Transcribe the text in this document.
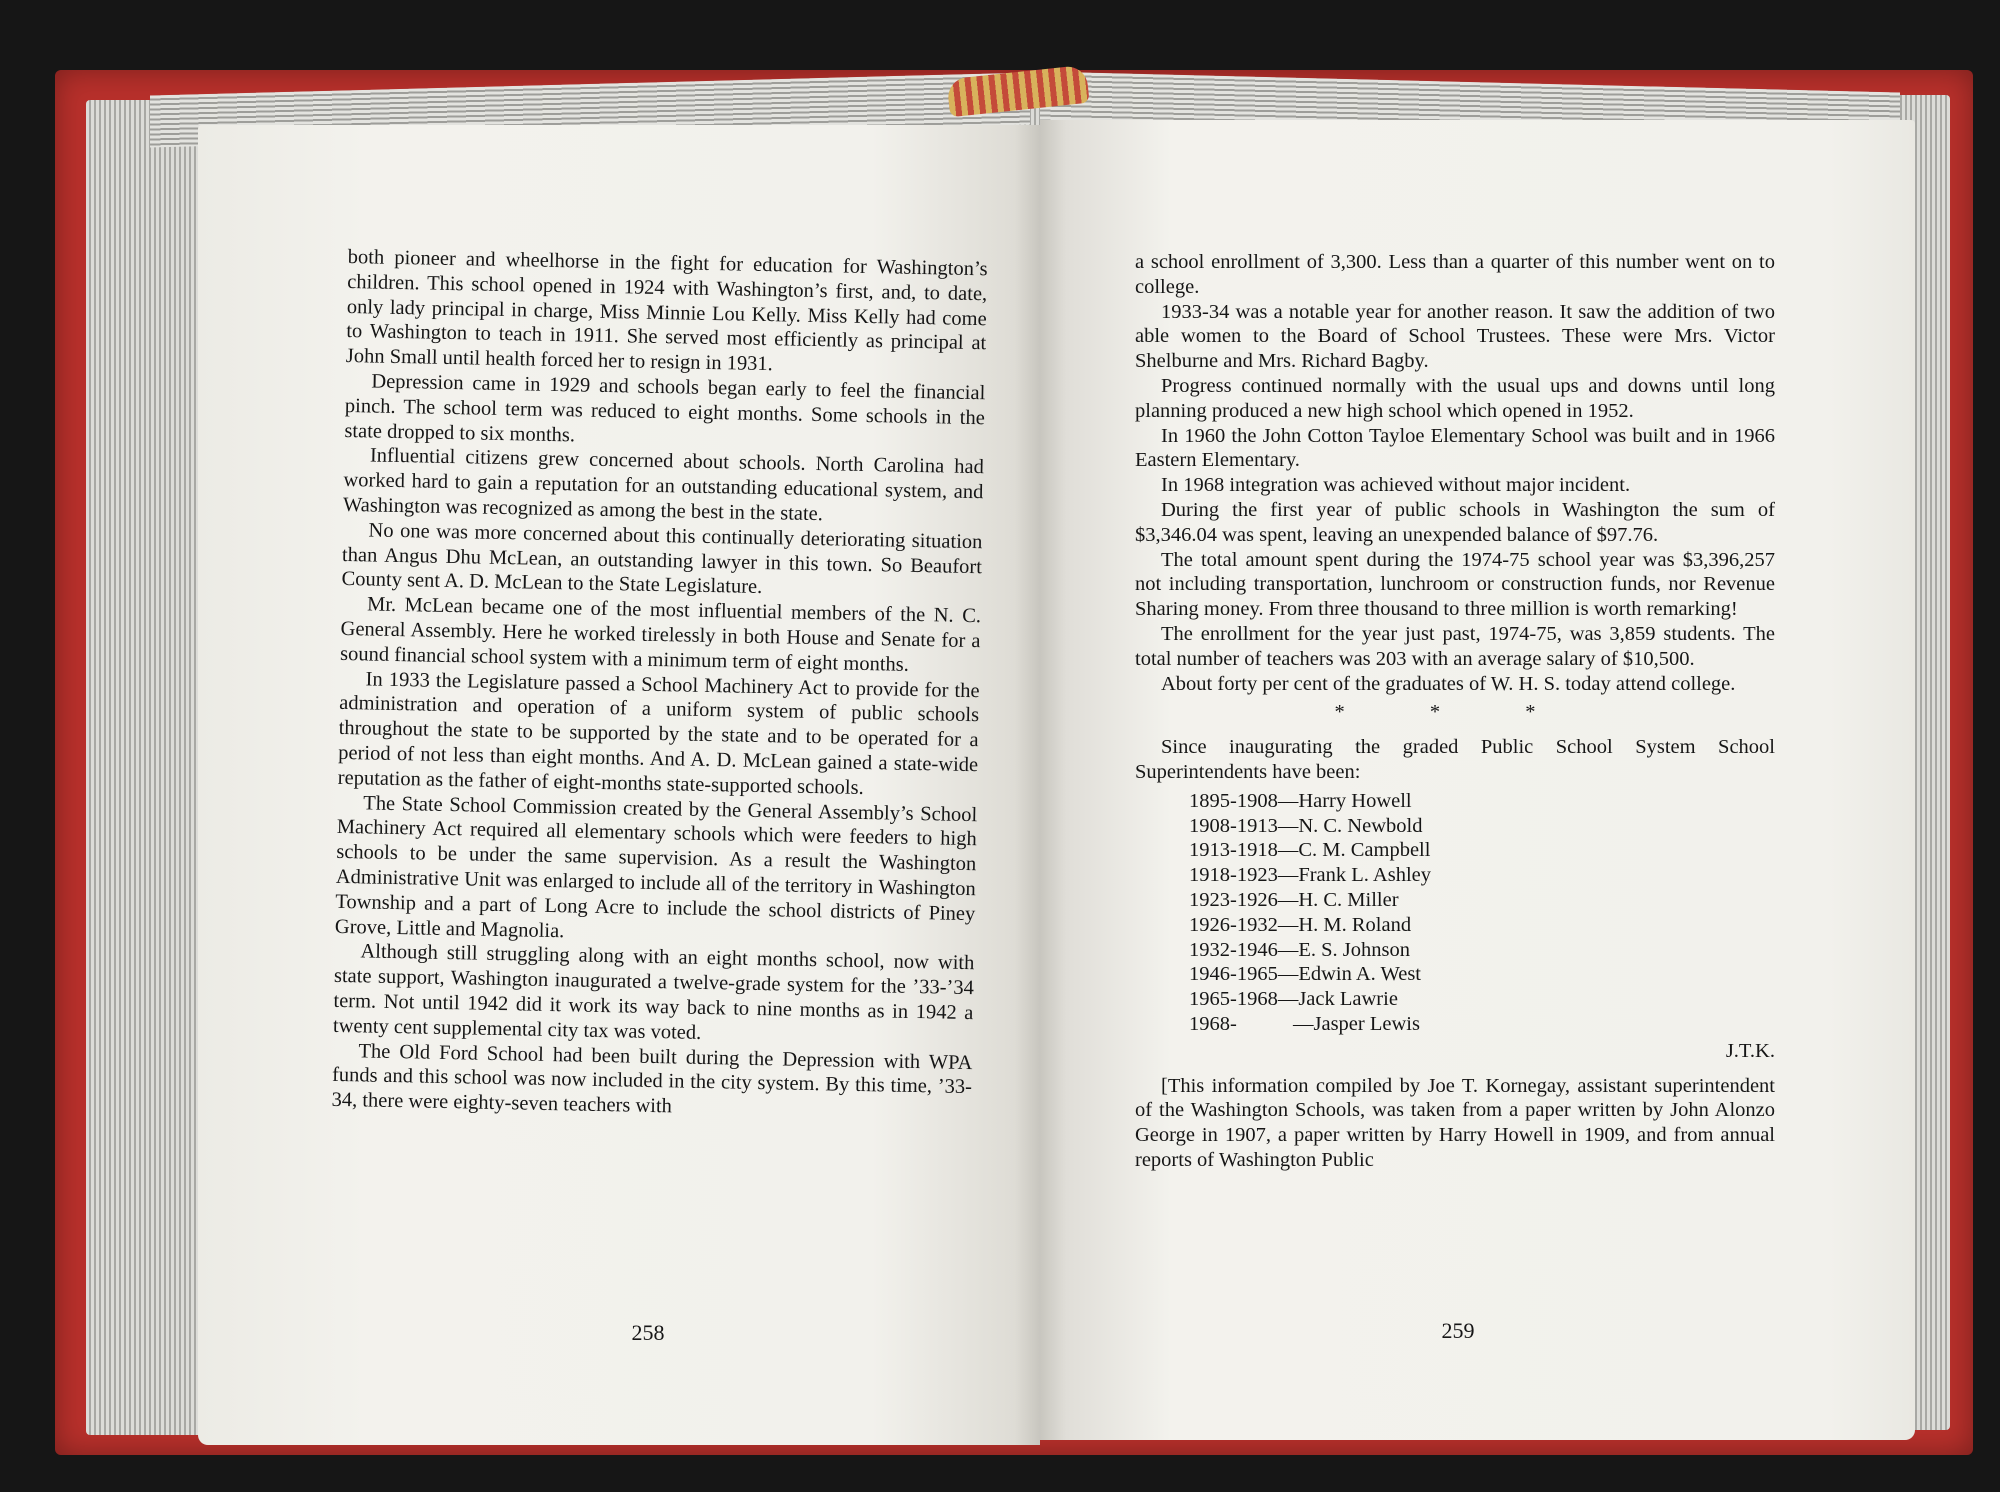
both pioneer and wheelhorse in the fight for education for Washington’s children. This school opened in 1924 with Washington’s first, and, to date, only lady principal in charge, Miss Minnie Lou Kelly. Miss Kelly had come to Washington to teach in 1911. She served most efficiently as principal at John Small until health forced her to resign in 1931.

Depression came in 1929 and schools began early to feel the financial pinch. The school term was reduced to eight months. Some schools in the state dropped to six months.

Influential citizens grew concerned about schools. North Carolina had worked hard to gain a reputation for an outstanding educational system, and Washington was recognized as among the best in the state.

No one was more concerned about this continually deteriorating situation than Angus Dhu McLean, an outstanding lawyer in this town. So Beaufort County sent A. D. McLean to the State Legislature.

Mr. McLean became one of the most influential members of the N. C. General Assembly. Here he worked tirelessly in both House and Senate for a sound financial school system with a minimum term of eight months.

In 1933 the Legislature passed a School Machinery Act to provide for the administration and operation of a uniform system of public schools throughout the state to be supported by the state and to be operated for a period of not less than eight months. And A. D. McLean gained a state-wide reputation as the father of eight-months state-supported schools.

The State School Commission created by the General Assembly’s School Machinery Act required all elementary schools which were feeders to high schools to be under the same supervision. As a result the Washington Administrative Unit was enlarged to include all of the territory in Washington Township and a part of Long Acre to include the school districts of Piney Grove, Little and Magnolia.

Although still struggling along with an eight months school, now with state support, Washington inaugurated a twelve-grade system for the ’33-’34 term. Not until 1942 did it work its way back to nine months as in 1942 a twenty cent supplemental city tax was voted.

The Old Ford School had been built during the Depression with WPA funds and this school was now included in the city system. By this time, ’33-34, there were eighty-seven teachers with

258

a school enrollment of 3,300. Less than a quarter of this number went on to college.

1933-34 was a notable year for another reason. It saw the addition of two able women to the Board of School Trustees. These were Mrs. Victor Shelburne and Mrs. Richard Bagby.

Progress continued normally with the usual ups and downs until long planning produced a new high school which opened in 1952.

In 1960 the John Cotton Tayloe Elementary School was built and in 1966 Eastern Elementary.

In 1968 integration was achieved without major incident.

During the first year of public schools in Washington the sum of $3,346.04 was spent, leaving an unexpended balance of $97.76.

The total amount spent during the 1974-75 school year was $3,396,257 not including transportation, lunchroom or construction funds, nor Revenue Sharing money. From three thousand to three million is worth remarking!

The enrollment for the year just past, 1974-75, was 3,859 students. The total number of teachers was 203 with an average salary of $10,500.

About forty per cent of the graduates of W. H. S. today attend college.

* * *

Since inaugurating the graded Public School System School Superintendents have been:

1895-1908 —Harry Howell
1908-1913 —N. C. Newbold
1913-1918 —C. M. Campbell
1918-1923 —Frank L. Ashley
1923-1926 —H. C. Miller
1926-1932 —H. M. Roland
1932-1946 —E. S. Johnson
1946-1965 —Edwin A. West
1965-1968 —Jack Lawrie
1968-	—Jasper Lewis
J.T.K.

[This information compiled by Joe T. Kornegay, assistant superintendent of the Washington Schools, was taken from a paper written by John Alonzo George in 1907, a paper written by Harry Howell in 1909, and from annual reports of Washington Public

259
